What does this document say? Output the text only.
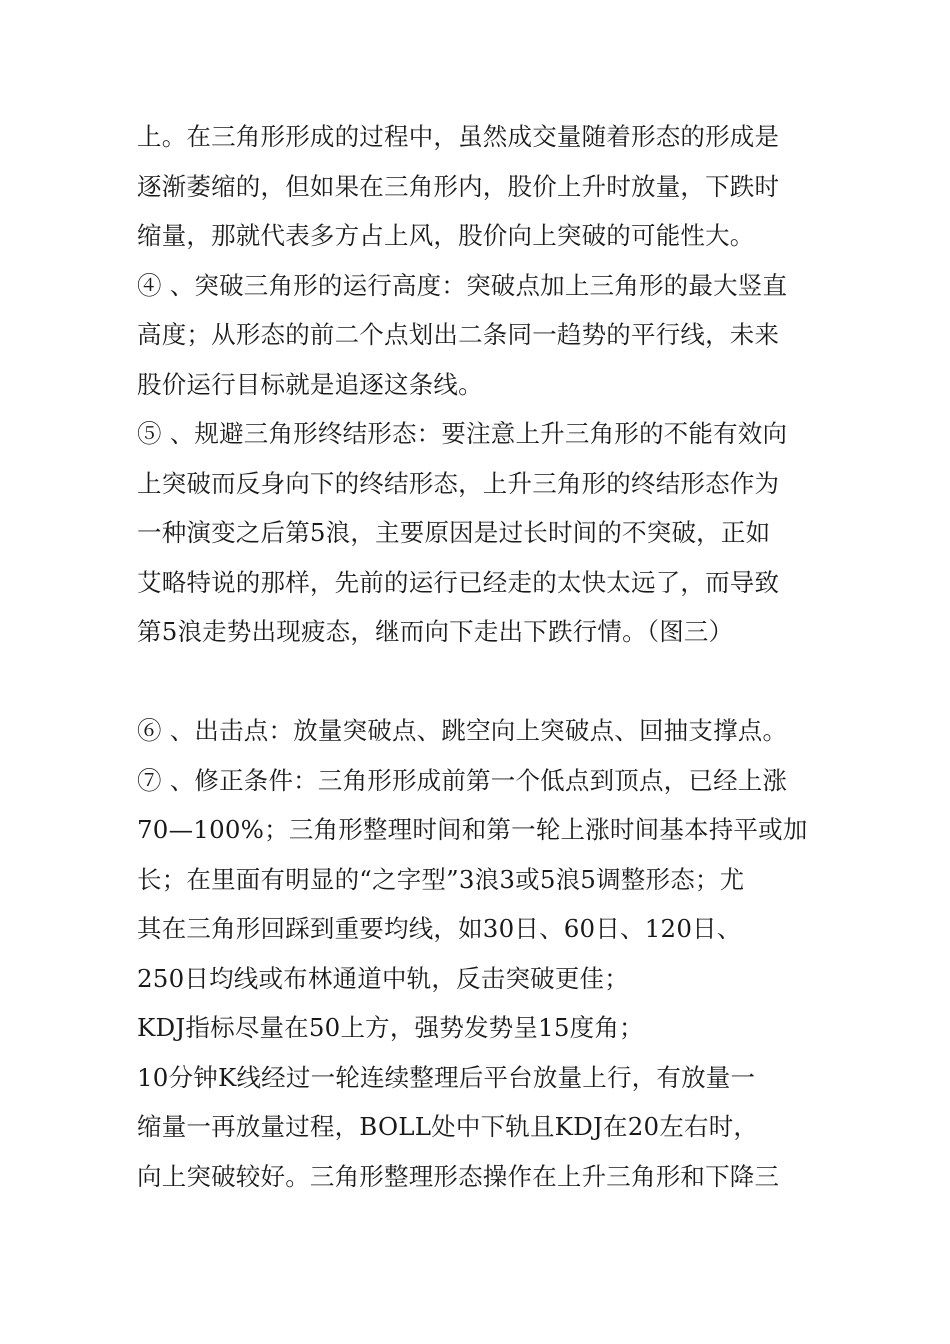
上。在三角形形成的过程中，虽然成交量随着形态的形成是
逐渐萎缩的，但如果在三角形内，股价上升时放量，下跌时
缩量，那就代表多方占上风，股价向上突破的可能性大。
④ 、突破三角形的运行高度：突破点加上三角形的最大竖直
高度；从形态的前二个点划出二条同一趋势的平行线，未来
股价运行目标就是追逐这条线。
⑤ 、规避三角形终结形态：要注意上升三角形的不能有效向
上突破而反身向下的终结形态，上升三角形的终结形态作为
一种演变之后第5浪，主要原因是过长时间的不突破，正如
艾略特说的那样，先前的运行已经走的太快太远了，而导致
第5浪走势出现疲态，继而向下走出下跌行情。（图三）
⑥ 、出击点：放量突破点、跳空向上突破点、回抽支撑点。
⑦ 、修正条件：三角形形成前第一个低点到顶点，已经上涨
70—100%；三角形整理时间和第一轮上涨时间基本持平或加
长；在里面有明显的“之字型”3浪3或5浪5调整形态；尤
其在三角形回踩到重要均线，如30日、60日、120日、
250日均线或布林通道中轨，反击突破更佳；
KDJ指标尽量在50上方，强势发势呈15度角；
10分钟K线经过一轮连续整理后平台放量上行，有放量一
缩量一再放量过程，BOLL处中下轨且KDJ在20左右时，
向上突破较好。三角形整理形态操作在上升三角形和下降三
